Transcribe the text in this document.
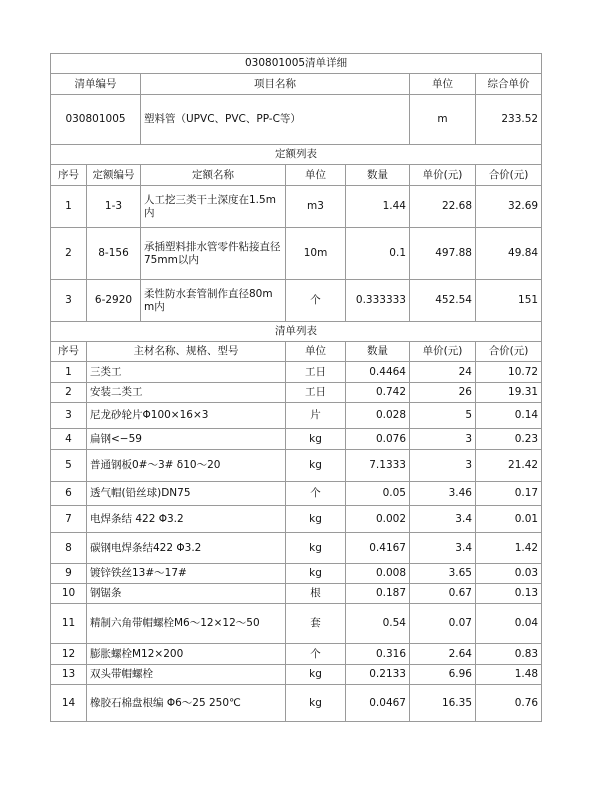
030801005清单详细						
清单编号		项目名称			单位	综合单价
030801005		塑料管（UPVC、PVC、PP-C等）			m	233.52
定额列表						
序号	定额编号	定额名称	单位	数量	单价(元)	合价(元)
1	1-3	人工挖三类干土深度在1.5m内	m3	1.44	22.68	32.69
2	8-156	承插塑料排水管零件粘接直径75mm以内	10m	0.1	497.88	49.84
3	6-2920	柔性防水套管制作直径80mm内	个	0.333333	452.54	151
清单列表						
序号	主材名称、规格、型号		单位	数量	单价(元)	合价(元)
1	三类工		工日	0.4464	24	10.72
2	安装二类工		工日	0.742	26	19.31
3	尼龙砂轮片Φ100×16×3		片	0.028	5	0.14
4	扁钢<−59		kg	0.076	3	0.23
5	普通钢板0#～3# δ10～20		kg	7.1333	3	21.42
6	透气帽(铅丝球)DN75		个	0.05	3.46	0.17
7	电焊条结 422 Φ3.2		kg	0.002	3.4	0.01
8	碳钢电焊条结422 Φ3.2		kg	0.4167	3.4	1.42
9	镀锌铁丝13#～17#		kg	0.008	3.65	0.03
10	钢锯条		根	0.187	0.67	0.13
11	精制六角带帽螺栓M6～12×12～50		套	0.54	0.07	0.04
12	膨胀螺栓M12×200		个	0.316	2.64	0.83
13	双头带帽螺栓		kg	0.2133	6.96	1.48
14	橡胶石棉盘根编 Φ6～25 250℃		kg	0.0467	16.35	0.76
